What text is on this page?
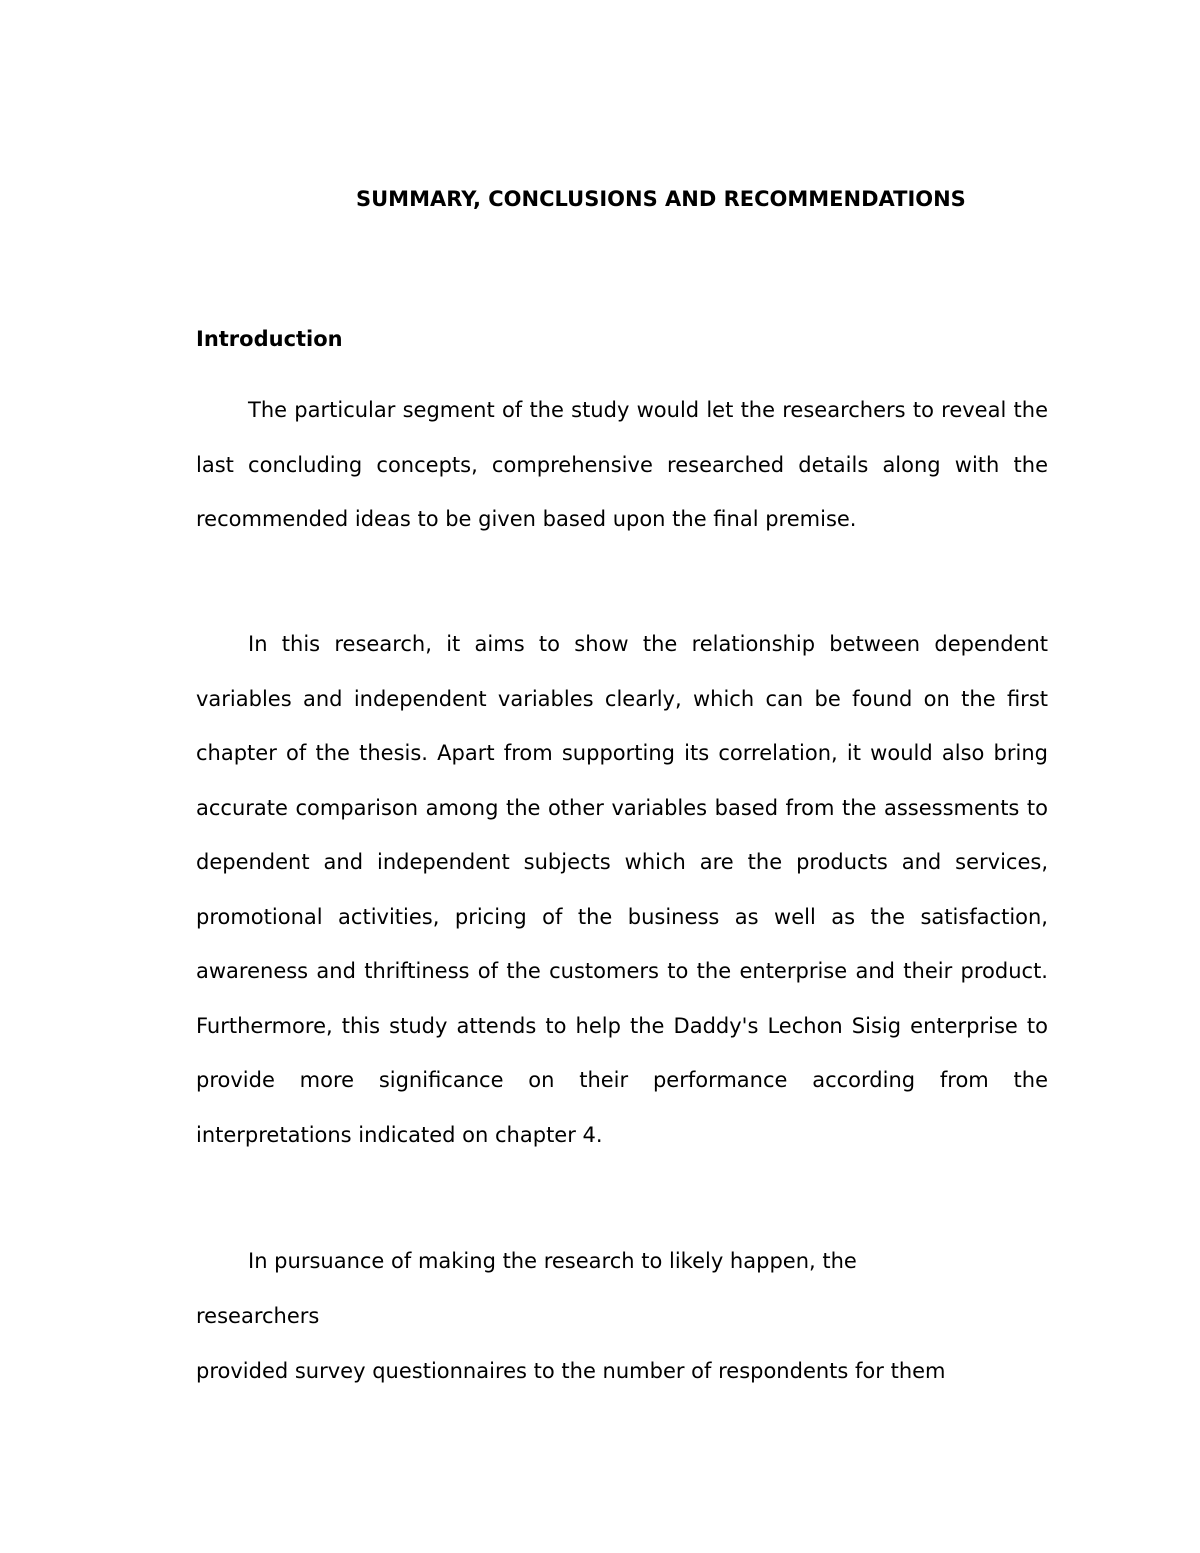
SUMMARY, CONCLUSIONS AND RECOMMENDATIONS
Introduction

The particular segment of the study would let the researchers to reveal the last concluding concepts, comprehensive researched details along with the recommended ideas to be given based upon the final premise.

In this research, it aims to show the relationship between dependent variables and independent variables clearly, which can be found on the first chapter of the thesis. Apart from supporting its correlation, it would also bring accurate comparison among the other variables based from the assessments to dependent and independent subjects which are the products and services, promotional activities, pricing of the business as well as the satisfaction, awareness and thriftiness of the customers to the enterprise and their product. Furthermore, this study attends to help the Daddy's Lechon Sisig enterprise to provide more significance on their performance according from the interpretations indicated on chapter 4.

In pursuance of making the research to likely happen, the

researchers
provided survey questionnaires to the number of respondents for them
